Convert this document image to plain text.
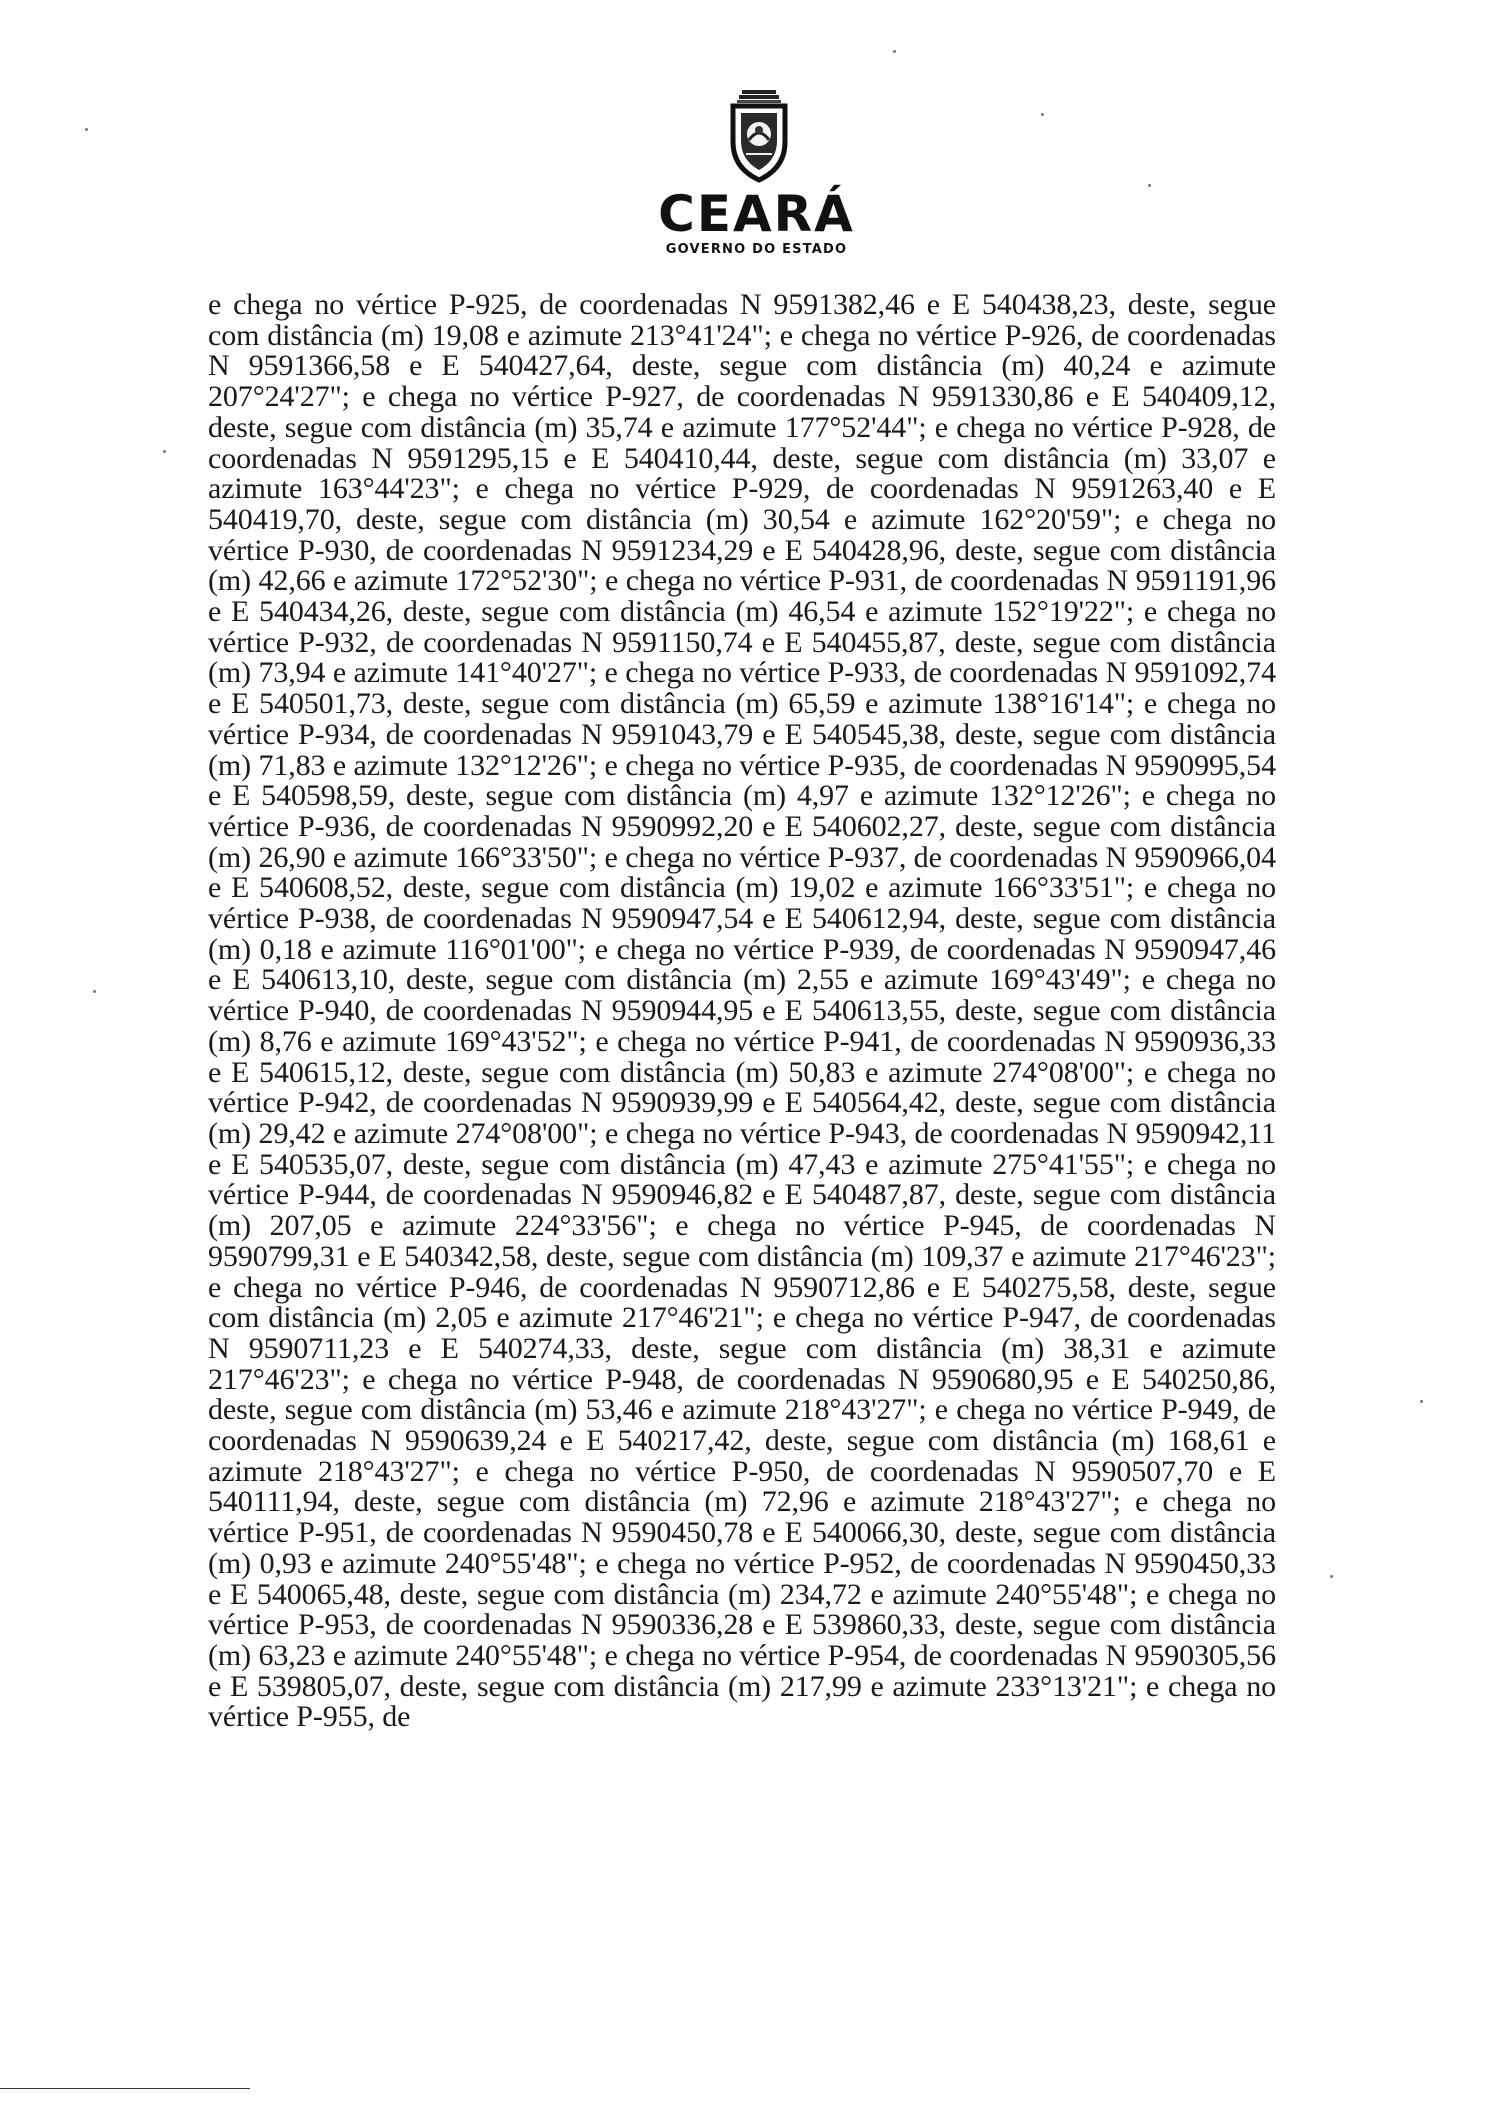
CEARÁ
GOVERNO DO ESTADO

e chega no vértice P-925, de coordenadas N 9591382,46 e E 540438,23, deste, segue com distância (m) 19,08 e azimute 213°41'24"; e chega no vértice P-926, de coordenadas N 9591366,58 e E 540427,64, deste, segue com distância (m) 40,24 e azimute 207°24'27"; e chega no vértice P-927, de coordenadas N 9591330,86 e E 540409,12, deste, segue com distância (m) 35,74 e azimute 177°52'44"; e chega no vértice P-928, de coordenadas N 9591295,15 e E 540410,44, deste, segue com distância (m) 33,07 e azimute 163°44'23"; e chega no vértice P-929, de coordenadas N 9591263,40 e E 540419,70, deste, segue com distância (m) 30,54 e azimute 162°20'59"; e chega no vértice P-930, de coordenadas N 9591234,29 e E 540428,96, deste, segue com distância (m) 42,66 e azimute 172°52'30"; e chega no vértice P-931, de coordenadas N 9591191,96 e E 540434,26, deste, segue com distância (m) 46,54 e azimute 152°19'22"; e chega no vértice P-932, de coordenadas N 9591150,74 e E 540455,87, deste, segue com distância (m) 73,94 e azimute 141°40'27"; e chega no vértice P-933, de coordenadas N 9591092,74 e E 540501,73, deste, segue com distância (m) 65,59 e azimute 138°16'14"; e chega no vértice P-934, de coordenadas N 9591043,79 e E 540545,38, deste, segue com distância (m) 71,83 e azimute 132°12'26"; e chega no vértice P-935, de coordenadas N 9590995,54 e E 540598,59, deste, segue com distância (m) 4,97 e azimute 132°12'26"; e chega no vértice P-936, de coordenadas N 9590992,20 e E 540602,27, deste, segue com distância (m) 26,90 e azimute 166°33'50"; e chega no vértice P-937, de coordenadas N 9590966,04 e E 540608,52, deste, segue com distância (m) 19,02 e azimute 166°33'51"; e chega no vértice P-938, de coordenadas N 9590947,54 e E 540612,94, deste, segue com distância (m) 0,18 e azimute 116°01'00"; e chega no vértice P-939, de coordenadas N 9590947,46 e E 540613,10, deste, segue com distância (m) 2,55 e azimute 169°43'49"; e chega no vértice P-940, de coordenadas N 9590944,95 e E 540613,55, deste, segue com distância (m) 8,76 e azimute 169°43'52"; e chega no vértice P-941, de coordenadas N 9590936,33 e E 540615,12, deste, segue com distância (m) 50,83 e azimute 274°08'00"; e chega no vértice P-942, de coordenadas N 9590939,99 e E 540564,42, deste, segue com distância (m) 29,42 e azimute 274°08'00"; e chega no vértice P-943, de coordenadas N 9590942,11 e E 540535,07, deste, segue com distância (m) 47,43 e azimute 275°41'55"; e chega no vértice P-944, de coordenadas N 9590946,82 e E 540487,87, deste, segue com distância (m) 207,05 e azimute 224°33'56"; e chega no vértice P-945, de coordenadas N 9590799,31 e E 540342,58, deste, segue com distância (m) 109,37 e azimute 217°46'23"; e chega no vértice P-946, de coordenadas N 9590712,86 e E 540275,58, deste, segue com distância (m) 2,05 e azimute 217°46'21"; e chega no vértice P-947, de coordenadas N 9590711,23 e E 540274,33, deste, segue com distância (m) 38,31 e azimute 217°46'23"; e chega no vértice P-948, de coordenadas N 9590680,95 e E 540250,86, deste, segue com distância (m) 53,46 e azimute 218°43'27"; e chega no vértice P-949, de coordenadas N 9590639,24 e E 540217,42, deste, segue com distância (m) 168,61 e azimute 218°43'27"; e chega no vértice P-950, de coordenadas N 9590507,70 e E 540111,94, deste, segue com distância (m) 72,96 e azimute 218°43'27"; e chega no vértice P-951, de coordenadas N 9590450,78 e E 540066,30, deste, segue com distância (m) 0,93 e azimute 240°55'48"; e chega no vértice P-952, de coordenadas N 9590450,33 e E 540065,48, deste, segue com distância (m) 234,72 e azimute 240°55'48"; e chega no vértice P-953, de coordenadas N 9590336,28 e E 539860,33, deste, segue com distância (m) 63,23 e azimute 240°55'48"; e chega no vértice P-954, de coordenadas N 9590305,56 e E 539805,07, deste, segue com distância (m) 217,99 e azimute 233°13'21"; e chega no vértice P-955, de
